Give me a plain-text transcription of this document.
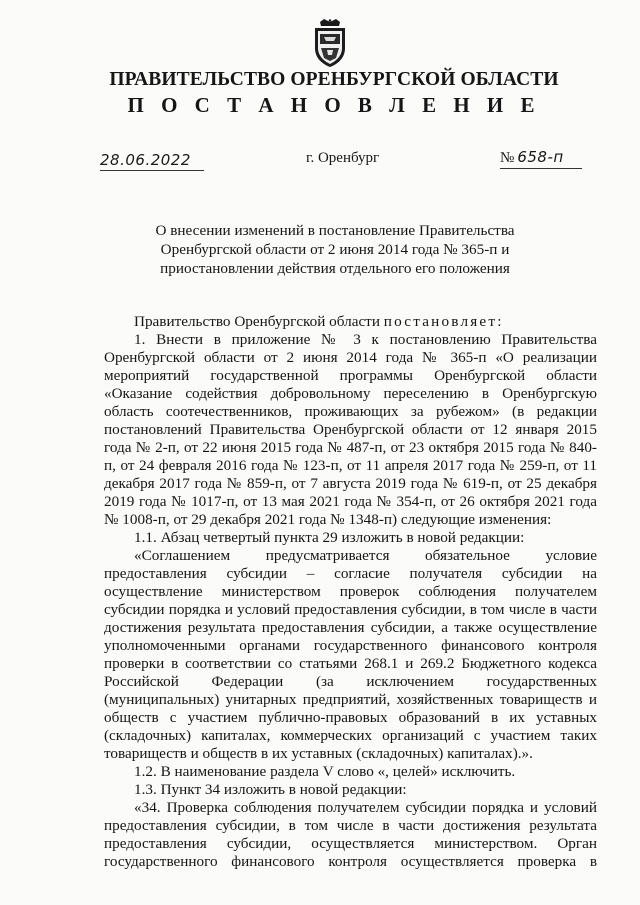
ПРАВИТЕЛЬСТВО ОРЕНБУРГСКОЙ ОБЛАСТИ
П О С Т А Н О В Л Е Н И Е
28.06.2022	г. Оренбург	№ 658-п
О внесении изменений в постановление Правительства
Оренбургской области от 2 июня 2014 года № 365-п и
приостановлении действия отдельного его положения

Правительство Оренбургской области постановляет:

1. Внести в приложение № 3 к постановлению Правительства Оренбургской области от 2 июня 2014 года № 365-п «О реализации мероприятий государственной программы Оренбургской области «Оказание содействия добровольному переселению в Оренбургскую область соотечественников, проживающих за рубежом» (в редакции постановлений Правительства Оренбургской области от 12 января 2015 года № 2-п, от 22 июня 2015 года № 487-п, от 23 октября 2015 года № 840-п, от 24 февраля 2016 года № 123-п, от 11 апреля 2017 года № 259-п, от 11 декабря 2017 года № 859-п, от 7 августа 2019 года № 619-п, от 25 декабря 2019 года № 1017-п, от 13 мая 2021 года № 354-п, от 26 октября 2021 года № 1008-п, от 29 декабря 2021 года № 1348-п) следующие изменения:

1.1. Абзац четвертый пункта 29 изложить в новой редакции:

«Соглашением предусматривается обязательное условие предоставления субсидии – согласие получателя субсидии на осуществление министерством проверок соблюдения получателем субсидии порядка и условий предоставления субсидии, в том числе в части достижения результата предоставления субсидии, а также осуществление уполномоченными органами государственного финансового контроля проверки в соответствии со статьями 268.1 и 269.2 Бюджетного кодекса Российской Федерации (за исключением государственных (муниципальных) унитарных предприятий, хозяйственных товариществ и обществ с участием публично-правовых образований в их уставных (складочных) капиталах, коммерческих организаций с участием таких товариществ и обществ в их уставных (складочных) капиталах).».

1.2. В наименование раздела V слово «, целей» исключить.

1.3. Пункт 34 изложить в новой редакции:

«34. Проверка соблюдения получателем субсидии порядка и условий предоставления субсидии, в том числе в части достижения результата предоставления субсидии, осуществляется министерством. Орган государственного финансового контроля осуществляется проверка в
